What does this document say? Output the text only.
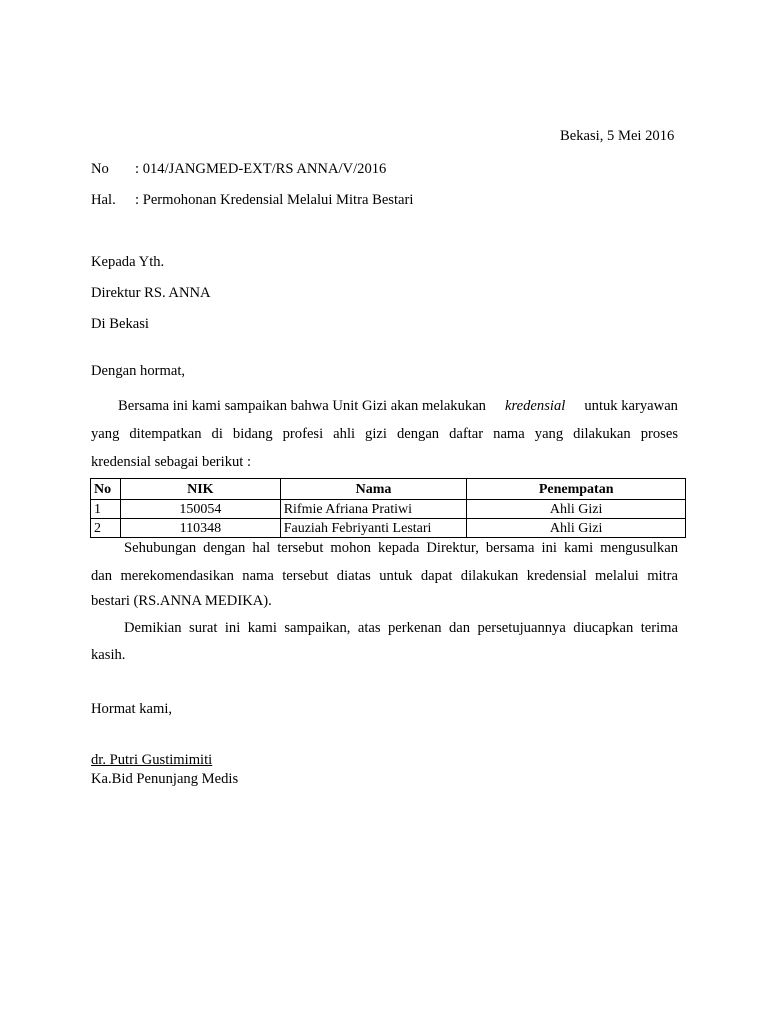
Bekasi, 5 Mei 2016
No : 014/JANGMED-EXT/RS ANNA/V/2016
Hal. : Permohonan Kredensial Melalui Mitra Bestari
Kepada Yth.
Direktur RS. ANNA
Di Bekasi
Dengan hormat,
Bersama ini kami sampaikan bahwa Unit Gizi akan melakukan kredensial untuk karyawan
yang ditempatkan di bidang profesi ahli gizi dengan daftar nama yang dilakukan proses
kredensial sebagai berikut :
No	NIK	Nama	Penempatan
1	150054	Rifmie Afriana Pratiwi	Ahli Gizi
2	110348	Fauziah Febriyanti Lestari	Ahli Gizi
Sehubungan dengan hal tersebut mohon kepada Direktur, bersama ini kami mengusulkan
dan merekomendasikan nama tersebut diatas untuk dapat dilakukan kredensial melalui mitra
bestari (RS.ANNA MEDIKA).
Demikian surat ini kami sampaikan, atas perkenan dan persetujuannya diucapkan terima
kasih.
Hormat kami,
dr. Putri Gustimimiti
Ka.Bid Penunjang Medis
